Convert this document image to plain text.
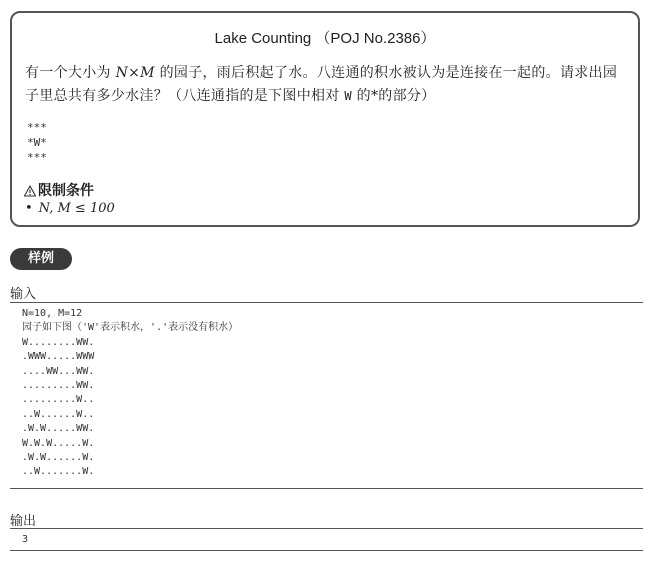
Lake Counting （POJ No.2386）
有一个大小为 N×M 的园子，雨后积起了水。八连通的积水被认为是连接在一起的。请求出园子里总共有多少水洼？（八连通指的是下图中相对 W 的*的部分）
***
*W*
***
限制条件
• N, M ≤ 100
样例
输入
N=10, M=12
园子如下图（'W'表示积水，'.'表示没有积水）
W........WW.
.WWW.....WWW
....WW...WW.
.........WW.
.........W..
..W......W..
.W.W.....WW.
W.W.W.....W.
.W.W......W.
..W.......W.
输出
3
